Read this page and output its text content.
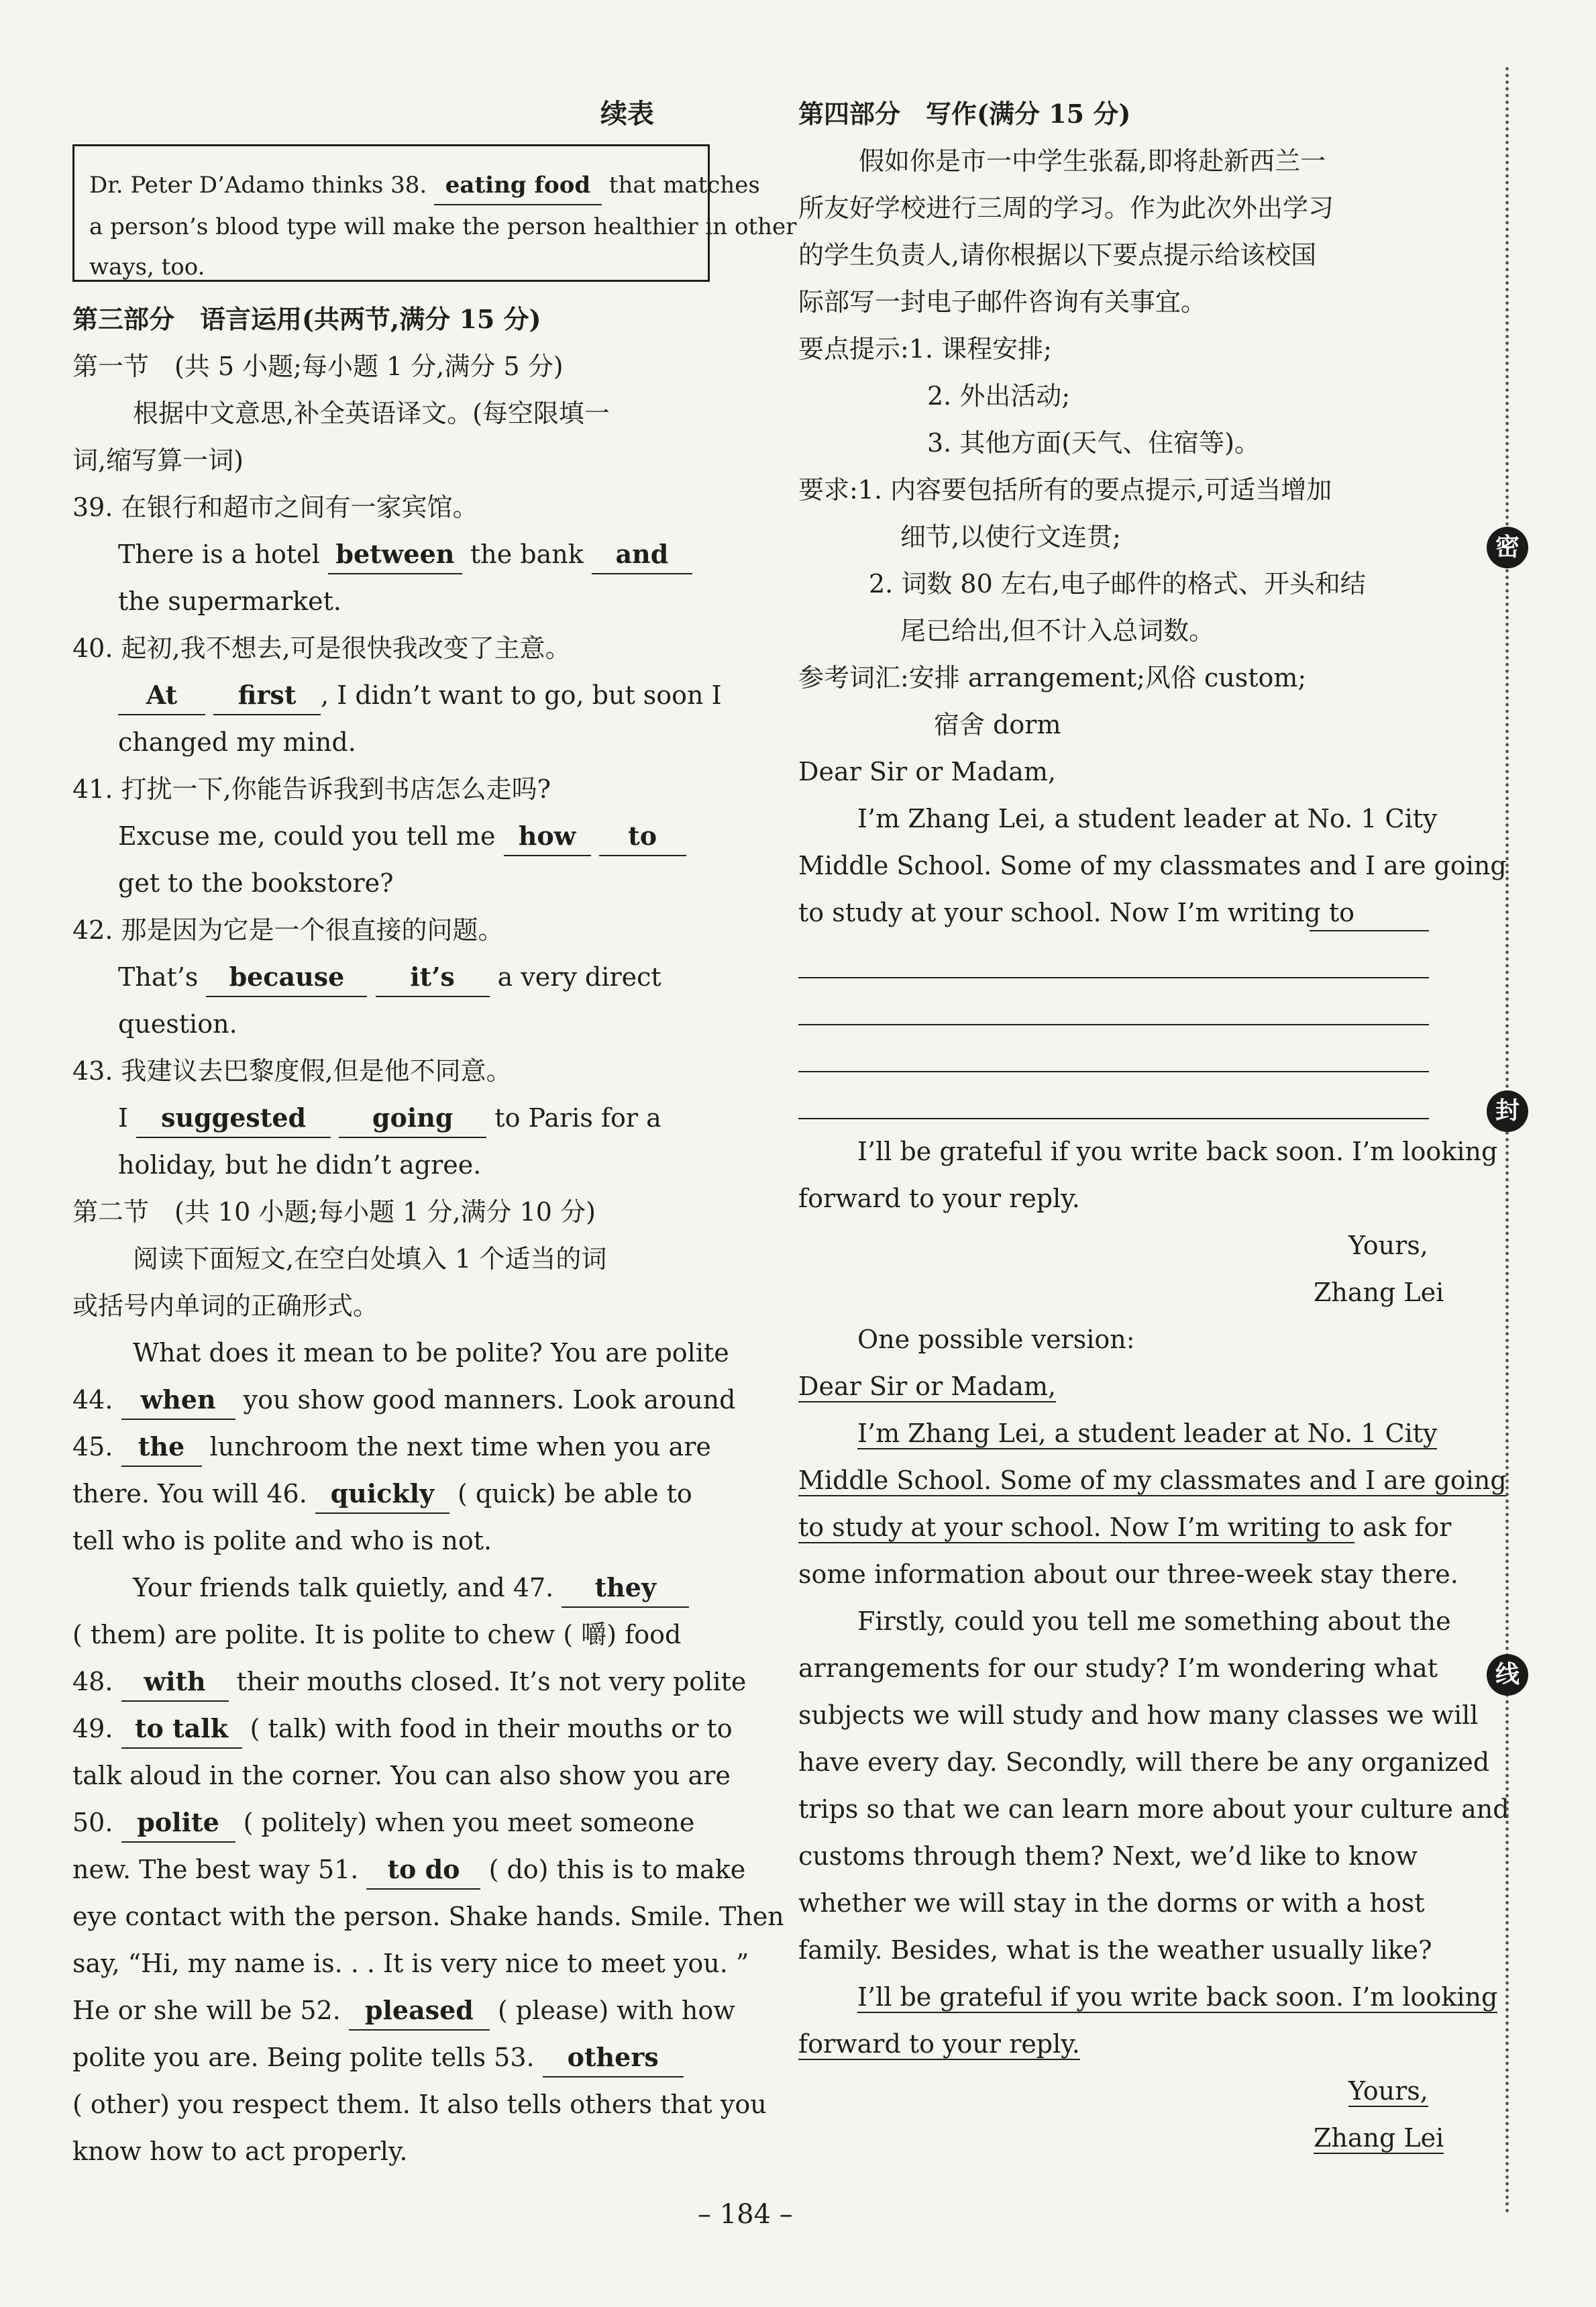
续表
Dr. Peter D’Adamo thinks 38. eating food that matches
a person’s blood type will make the person healthier in other
ways, too.
第三部分　语言运用(共两节,满分 15 分)
第一节　(共 5 小题;每小题 1 分,满分 5 分)
根据中文意思,补全英语译文。(每空限填一
词,缩写算一词)
39. 在银行和超市之间有一家宾馆。
There is a hotel between the bank and
the supermarket.
40. 起初,我不想去,可是很快我改变了主意。
At first , I didn’t want to go, but soon I
changed my mind.
41. 打扰一下,你能告诉我到书店怎么走吗?
Excuse me, could you tell me how to
get to the bookstore?
42. 那是因为它是一个很直接的问题。
That’s because	it’s a very direct
question.
43. 我建议去巴黎度假,但是他不同意。
I suggested	going to Paris for a
holiday, but he didn’t agree.
第二节　(共 10 小题;每小题 1 分,满分 10 分)
阅读下面短文,在空白处填入 1 个适当的词
或括号内单词的正确形式。
What does it mean to be polite? You are polite
44. when you show good manners. Look around
45. the lunchroom the next time when you are
there. You will 46. quickly ( quick) be able to
tell who is polite and who is not.
Your friends talk quietly, and 47. they
( them) are polite. It is polite to chew ( 嚼) food
48. with their mouths closed. It’s not very polite
49. to talk ( talk) with food in their mouths or to
talk aloud in the corner. You can also show you are
50. polite ( politely) when you meet someone
new. The best way 51. to do ( do) this is to make
eye contact with the person. Shake hands. Smile. Then
say, “Hi, my name is. . . It is very nice to meet you. ”
He or she will be 52. pleased ( please) with how
polite you are. Being polite tells 53. others
( other) you respect them. It also tells others that you
know how to act properly.
第四部分　写作(满分 15 分)
假如你是市一中学生张磊,即将赴新西兰一
所友好学校进行三周的学习。作为此次外出学习
的学生负责人,请你根据以下要点提示给该校国
际部写一封电子邮件咨询有关事宜。
要点提示:1. 课程安排;
2. 外出活动;
3. 其他方面(天气、住宿等)。
要求:1. 内容要包括所有的要点提示,可适当增加
细节,以使行文连贯;
2. 词数 80 左右,电子邮件的格式、开头和结
尾已给出,但不计入总词数。
参考词汇:安排 arrangement;风俗 custom;
宿舍 dorm
Dear Sir or Madam,
I’m Zhang Lei, a student leader at No. 1 City
Middle School. Some of my classmates and I are going
to study at your school. Now I’m writing to
I’ll be grateful if you write back soon. I’m looking
forward to your reply.
Yours,
Zhang Lei
One possible version:
Dear Sir or Madam,
I’m Zhang Lei, a student leader at No. 1 City
Middle School. Some of my classmates and I are going
to study at your school. Now I’m writing to ask for
some information about our three-week stay there.
Firstly, could you tell me something about the
arrangements for our study? I’m wondering what
subjects we will study and how many classes we will
have every day. Secondly, will there be any organized
trips so that we can learn more about your culture and
customs through them? Next, we’d like to know
whether we will stay in the dorms or with a host
family. Besides, what is the weather usually like?
I’ll be grateful if you write back soon. I’m looking
forward to your reply.
Yours,
Zhang Lei
密
封
线
– 184 –
